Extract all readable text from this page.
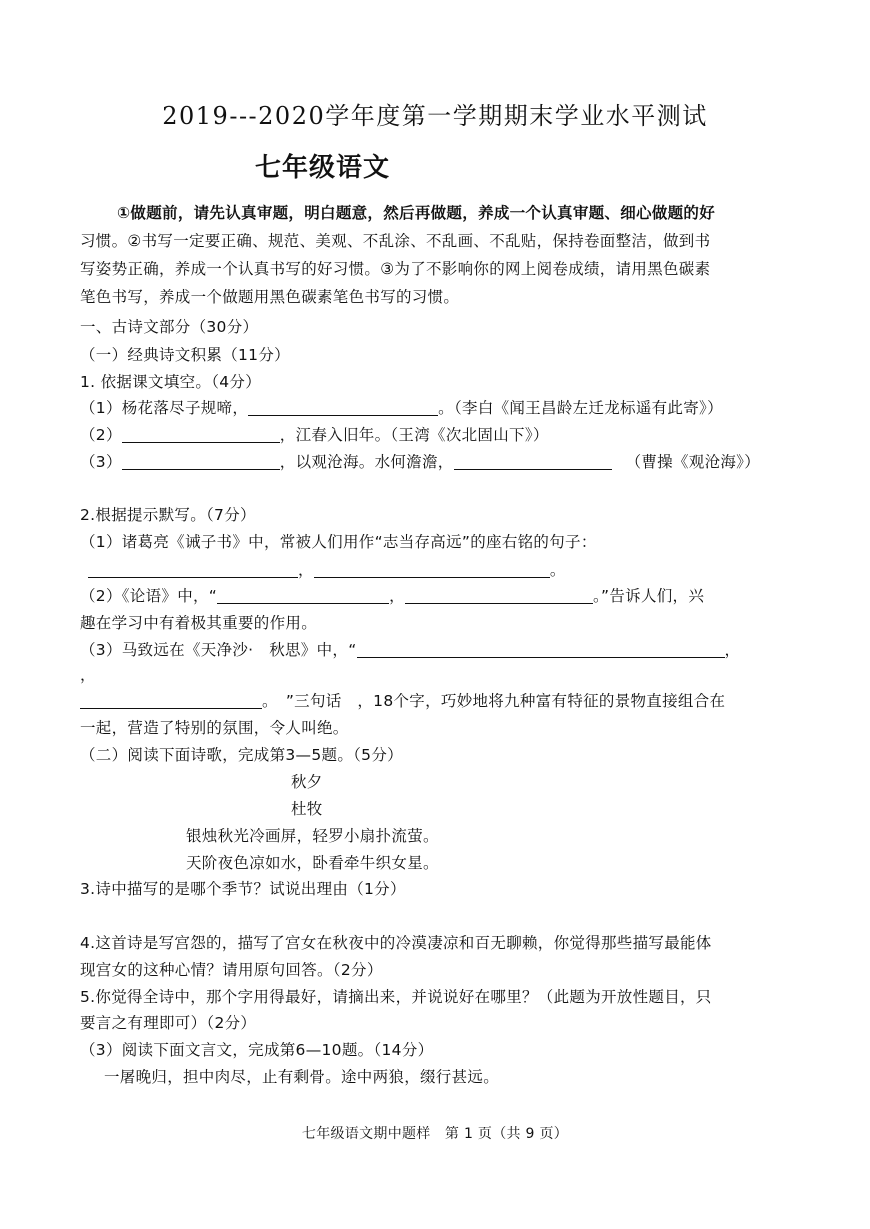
2019---2020学年度第一学期期末学业水平测试
七年级语文
①做题前，请先认真审题，明白题意，然后再做题，养成一个认真审题、细心做题的好
习惯。②书写一定要正确、规范、美观、不乱涂、不乱画、不乱贴，保持卷面整洁，做到书
写姿势正确，养成一个认真书写的好习惯。③为了不影响你的网上阅卷成绩，请用黑色碳素
笔色书写，养成一个做题用黑色碳素笔色书写的习惯。
一、古诗文部分（30分）
（一）经典诗文积累（11分）
1. 依据课文填空。（4分）
（1）杨花落尽子规啼，	。（李白《闻王昌龄左迁龙标遥有此寄》）
（2）	，江春入旧年。（王湾《次北固山下》）
（3）	，以观沧海。水何澹澹，	（曹操《观沧海》）
2.根据提示默写。（7分）
（1）诸葛亮《诫子书》中，常被人们用作“志当存高远”的座右铭的句子：
，	。
（2）《论语》中，“	，	。”告诉人们，兴
趣在学习中有着极其重要的作用。
（3）马致远在《天净沙·　秋思》中，“	，
，
。　”三句话　，18个字，巧妙地将九种富有特征的景物直接组合在
一起，营造了特别的氛围，令人叫绝。
（二）阅读下面诗歌，完成第3—5题。（5分）
秋夕
杜牧
银烛秋光冷画屏，轻罗小扇扑流萤。
天阶夜色凉如水，卧看牵牛织女星。
3.诗中描写的是哪个季节？试说出理由（1分）
4.这首诗是写宫怨的，描写了宫女在秋夜中的冷漠凄凉和百无聊赖，你觉得那些描写最能体
现宫女的这种心情？请用原句回答。（2分）
5.你觉得全诗中，那个字用得最好，请摘出来，并说说好在哪里？（此题为开放性题目，只
要言之有理即可）（2分）
（3）阅读下面文言文，完成第6—10题。（14分）
一屠晚归，担中肉尽，止有剩骨。途中两狼，缀行甚远。
七年级语文期中题样　第 1 页（共 9 页）
